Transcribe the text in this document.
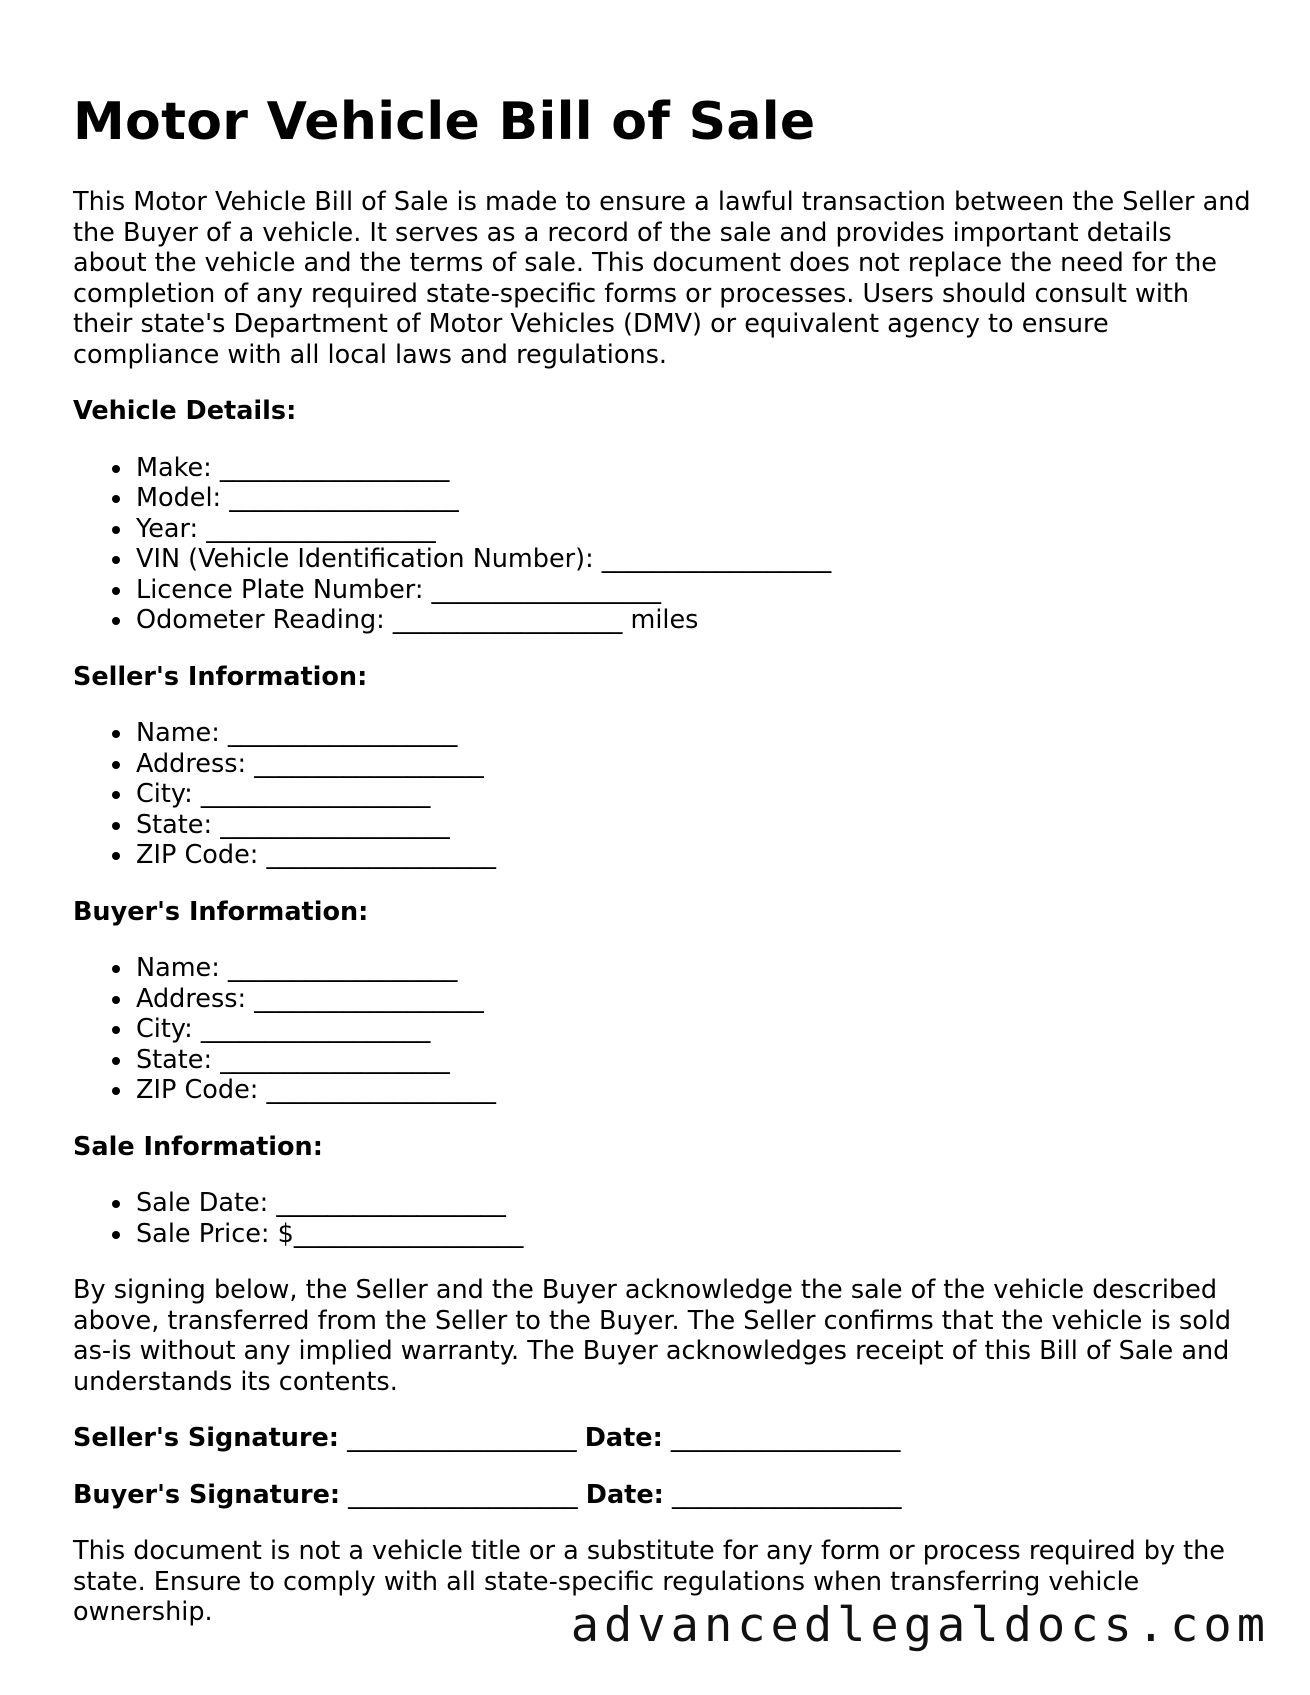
Motor Vehicle Bill of Sale

This Motor Vehicle Bill of Sale is made to ensure a lawful transaction between the Seller and the Buyer of a vehicle. It serves as a record of the sale and provides important details about the vehicle and the terms of sale. This document does not replace the need for the completion of any required state-specific forms or processes. Users should consult with their state's Department of Motor Vehicles (DMV) or equivalent agency to ensure compliance with all local laws and regulations.

Vehicle Details:
Make: __________________
Model: __________________
Year: __________________
VIN (Vehicle Identification Number): __________________
Licence Plate Number: __________________
Odometer Reading: __________________ miles
Seller's Information:
Name: __________________
Address: __________________
City: __________________
State: __________________
ZIP Code: __________________
Buyer's Information:
Name: __________________
Address: __________________
City: __________________
State: __________________
ZIP Code: __________________
Sale Information:
Sale Date: __________________
Sale Price: $__________________

By signing below, the Seller and the Buyer acknowledge the sale of the vehicle described above, transferred from the Seller to the Buyer. The Seller confirms that the vehicle is sold as-is without any implied warranty. The Buyer acknowledges receipt of this Bill of Sale and understands its contents.

Seller's Signature: __________________ Date: __________________
Buyer's Signature: __________________ Date: __________________

This document is not a vehicle title or a substitute for any form or process required by the state. Ensure to comply with all state-specific regulations when transferring vehicle ownership.	advancedlegaldocs.com
